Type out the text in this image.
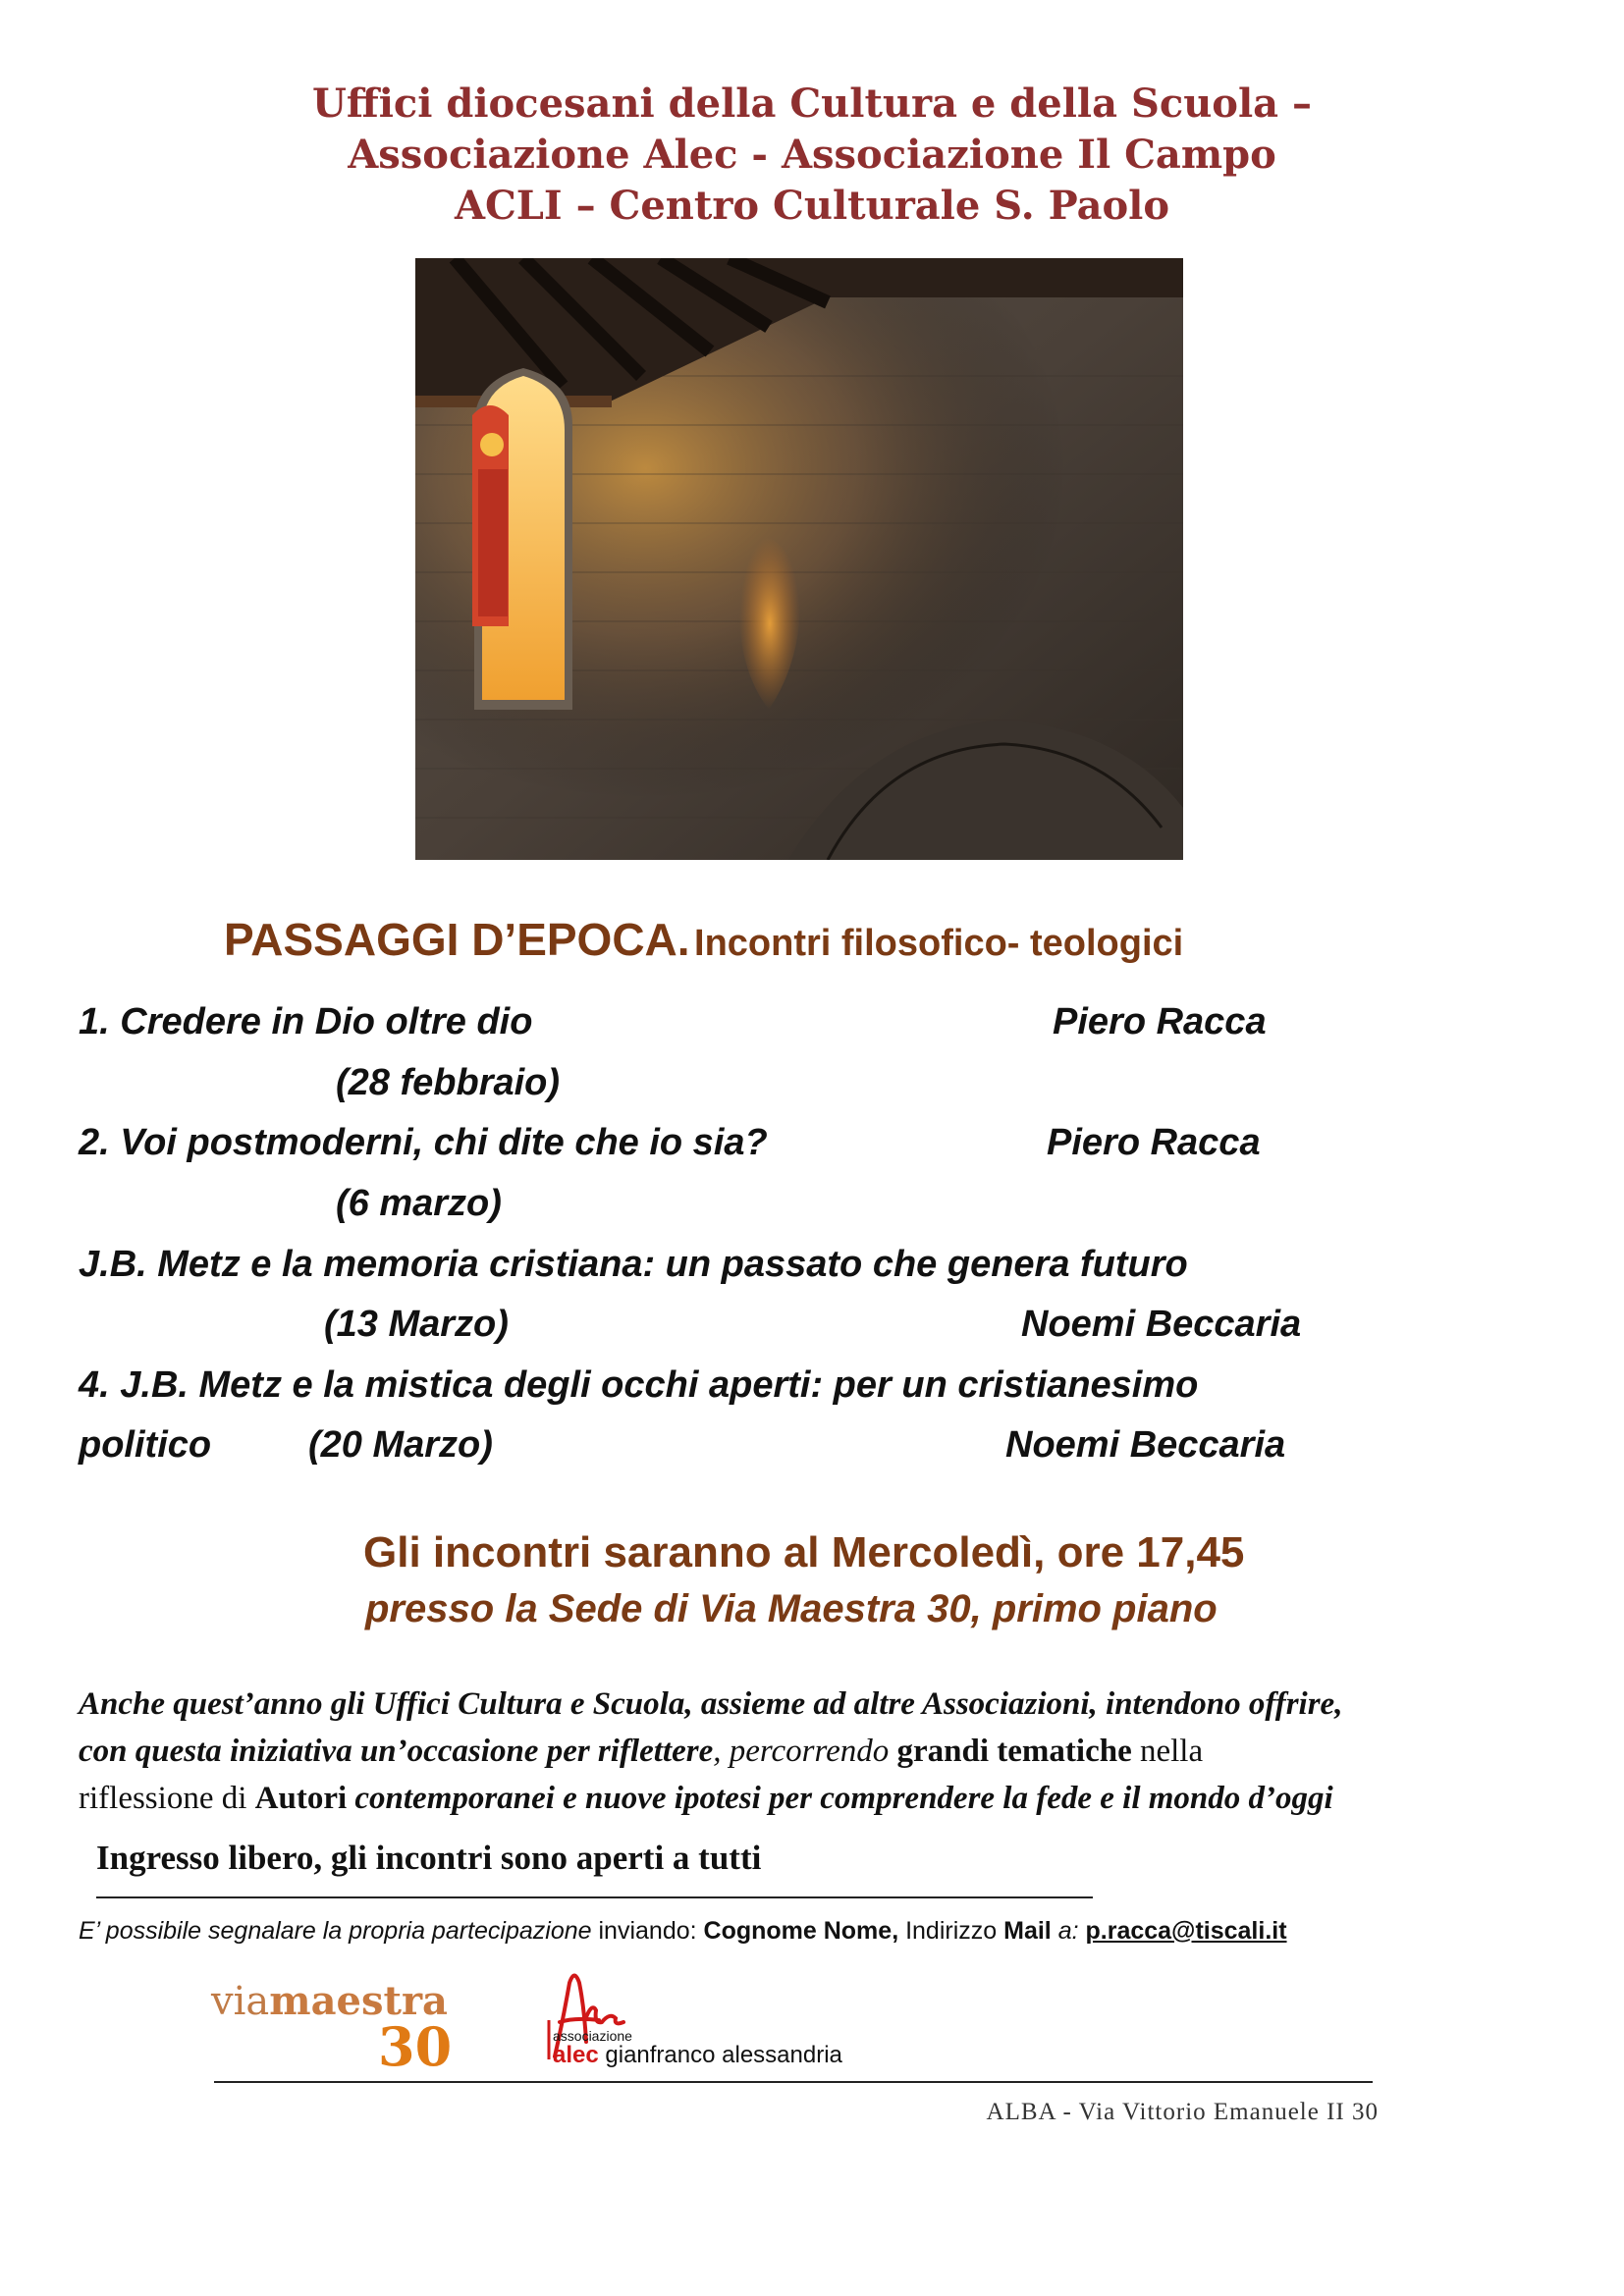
Uffici diocesani della Cultura e della Scuola –
Associazione Alec - Associazione Il Campo
ACLI – Centro Culturale S. Paolo
PASSAGGI D’EPOCA. Incontri filosofico- teologici
1. Credere in Dio oltre dio	Piero Racca
(28 febbraio)
2. Voi postmoderni, chi dite che io sia?	Piero Racca
(6 marzo)
J.B. Metz e la memoria cristiana: un passato che genera futuro
(13 Marzo)	Noemi Beccaria
4. J.B. Metz e la mistica degli occhi aperti: per un cristianesimo
politico	(20 Marzo)	Noemi Beccaria
Gli incontri saranno al Mercoledì, ore 17,45
presso la Sede di Via Maestra 30, primo piano
Anche quest’anno gli Uffici Cultura e Scuola, assieme ad altre Associazioni, intendono offrire,
con questa iniziativa un’occasione per riflettere, percorrendo grandi tematiche nella
riflessione di Autori contemporanei e nuove ipotesi per comprendere la fede e il mondo d’oggi
Ingresso libero, gli incontri sono aperti a tutti
E’ possibile segnalare la propria partecipazione inviando: Cognome Nome, Indirizzo Mail a: p.racca@tiscali.it
viamaestra
30	associazione
alec gianfranco alessandria
ALBA - Via Vittorio Emanuele II 30
